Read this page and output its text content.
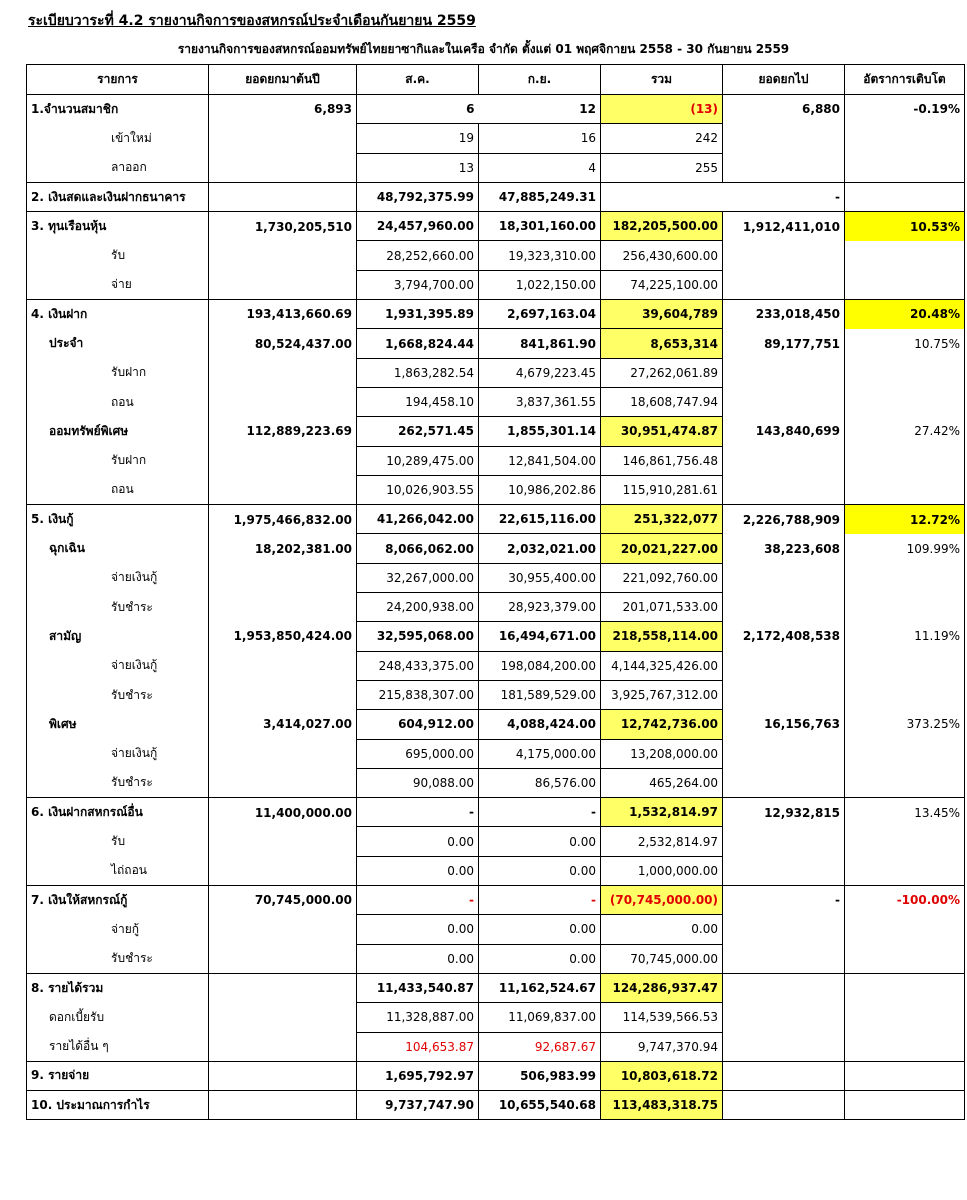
ระเบียบวาระที่ 4.2 รายงานกิจการของสหกรณ์ประจำเดือนกันยายน 2559
รายงานกิจการของสหกรณ์ออมทรัพย์ไทยยาซากิและในเครือ จำกัด ตั้งแต่ 01 พฤศจิกายน 2558 - 30 กันยายน 2559
รายการ	ยอดยกมาต้นปี	ส.ค.	ก.ย.	รวม	ยอดยกไป	อัตราการเติบโต
1.จำนวนสมาชิก	6,893	6	12	(13)	6,880	-0.19%
เข้าใหม่		19	16	242		
ลาออก		13	4	255		
2. เงินสดและเงินฝากธนาคาร		48,792,375.99	47,885,249.31		-	
3. ทุนเรือนหุ้น	1,730,205,510	24,457,960.00	18,301,160.00	182,205,500.00	1,912,411,010	10.53%
รับ		28,252,660.00	19,323,310.00	256,430,600.00		
จ่าย		3,794,700.00	1,022,150.00	74,225,100.00		
4. เงินฝาก	193,413,660.69	1,931,395.89	2,697,163.04	39,604,789	233,018,450	20.48%
ประจำ	80,524,437.00	1,668,824.44	841,861.90	8,653,314	89,177,751	10.75%
รับฝาก		1,863,282.54	4,679,223.45	27,262,061.89		
ถอน		194,458.10	3,837,361.55	18,608,747.94		
ออมทรัพย์พิเศษ	112,889,223.69	262,571.45	1,855,301.14	30,951,474.87	143,840,699	27.42%
รับฝาก		10,289,475.00	12,841,504.00	146,861,756.48		
ถอน		10,026,903.55	10,986,202.86	115,910,281.61		
5. เงินกู้	1,975,466,832.00	41,266,042.00	22,615,116.00	251,322,077	2,226,788,909	12.72%
ฉุกเฉิน	18,202,381.00	8,066,062.00	2,032,021.00	20,021,227.00	38,223,608	109.99%
จ่ายเงินกู้		32,267,000.00	30,955,400.00	221,092,760.00		
รับชำระ		24,200,938.00	28,923,379.00	201,071,533.00		
สามัญ	1,953,850,424.00	32,595,068.00	16,494,671.00	218,558,114.00	2,172,408,538	11.19%
จ่ายเงินกู้		248,433,375.00	198,084,200.00	4,144,325,426.00		
รับชำระ		215,838,307.00	181,589,529.00	3,925,767,312.00		
พิเศษ	3,414,027.00	604,912.00	4,088,424.00	12,742,736.00	16,156,763	373.25%
จ่ายเงินกู้		695,000.00	4,175,000.00	13,208,000.00		
รับชำระ		90,088.00	86,576.00	465,264.00		
6. เงินฝากสหกรณ์อื่น	11,400,000.00	-	-	1,532,814.97	12,932,815	13.45%
รับ		0.00	0.00	2,532,814.97		
ไถ่ถอน		0.00	0.00	1,000,000.00		
7. เงินให้สหกรณ์กู้	70,745,000.00	-	-	(70,745,000.00)	-	-100.00%
จ่ายกู้		0.00	0.00	0.00		
รับชำระ		0.00	0.00	70,745,000.00		
8. รายได้รวม		11,433,540.87	11,162,524.67	124,286,937.47		
ดอกเบี้ยรับ		11,328,887.00	11,069,837.00	114,539,566.53		
รายได้อื่น ๆ		104,653.87	92,687.67	9,747,370.94		
9. รายจ่าย		1,695,792.97	506,983.99	10,803,618.72		
10. ประมาณการกำไร		9,737,747.90	10,655,540.68	113,483,318.75		
